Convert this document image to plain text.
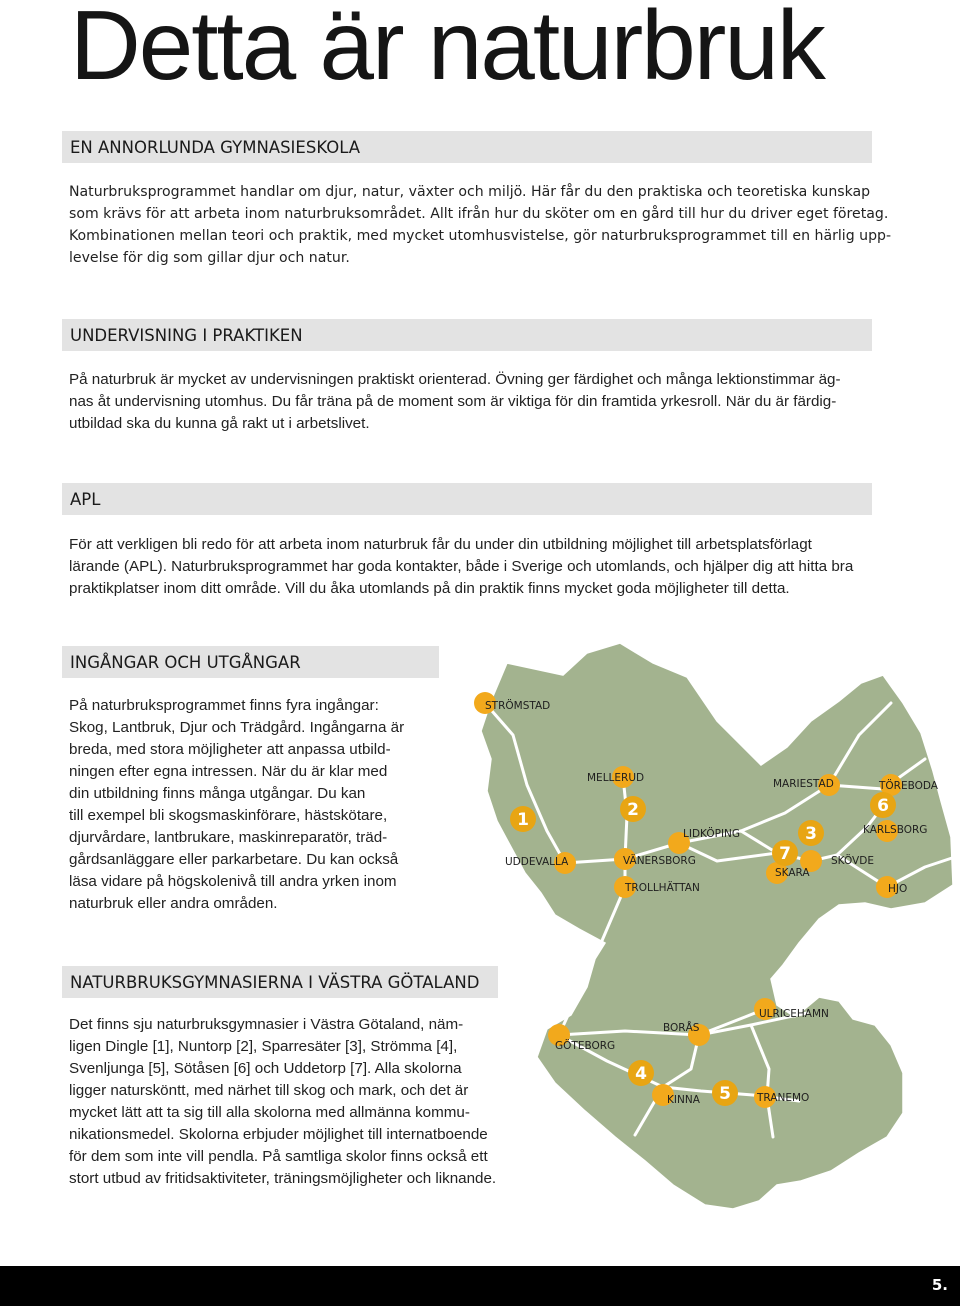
Detta är naturbruk
EN ANNORLUNDA GYMNASIESKOLA

Naturbruksprogrammet handlar om djur, natur, växter och miljö. Här får du den praktiska och teoretiska kunskap
som krävs för att arbeta inom naturbruksområdet. Allt ifrån hur du sköter om en gård till hur du driver eget företag.
Kombinationen mellan teori och praktik, med mycket utomhusvistelse, gör naturbruksprogrammet till en härlig upp-
levelse för dig som gillar djur och natur.

UNDERVISNING I PRAKTIKEN

På naturbruk är mycket av undervisningen praktiskt orienterad. Övning ger färdighet och många lektionstimmar äg-
nas åt undervisning utomhus. Du får träna på de moment som är viktiga för din framtida yrkesroll. När du är färdig-
utbildad ska du kunna gå rakt ut i arbetslivet.

APL

För att verkligen bli redo för att arbeta inom naturbruk får du under din utbildning möjlighet till arbetsplatsförlagt
lärande (APL). Naturbruksprogrammet har goda kontakter, både i Sverige och utomlands, och hjälper dig att hitta bra
praktikplatser inom ditt område. Vill du åka utomlands på din praktik finns mycket goda möjligheter till detta.

INGÅNGAR OCH UTGÅNGAR

På naturbruksprogrammet finns fyra ingångar:
Skog, Lantbruk, Djur och Trädgård. Ingångarna är
breda, med stora möjligheter att anpassa utbild-
ningen efter egna intressen. När du är klar med
din utbildning finns många utgångar. Du kan
till exempel bli skogsmaskinförare, hästskötare,
djurvårdare, lantbrukare, maskinreparatör, träd-
gårdsanläggare eller parkarbetare. Du kan också
läsa vidare på högskolenivå till andra yrken inom
naturbruk eller andra områden.

NATURBRUKSGYMNASIERNA I VÄSTRA GÖTALAND

Det finns sju naturbruksgymnasier i Västra Götaland, näm-
ligen Dingle [1], Nuntorp [2], Sparresäter [3], Strömma [4],
Svenljunga [5], Sötåsen [6] och Uddetorp [7]. Alla skolorna
ligger natursköntt, med närhet till skog och mark, och det är
mycket lätt att ta sig till alla skolorna med allmänna kommu-
nikationsmedel. Skolorna erbjuder möjlighet till internatboende
för dem som inte vill pendla. På samtliga skolor finns också ett
stort utbud av fritidsaktiviteter, träningsmöjligheter och liknande.

STRÖMSTAD
MELLERUD
UDDEVALLA	VÄNERSBORG
TROLLHÄTTAN
LIDKÖPING
MARIESTAD	TÖREBODA
KARLSBORG
SKÖVDE
SKARA
HJO
GÖTEBORG
BORÅS
ULRICEHAMN
KINNA	TRANEMO
1	2
3
4
5
6
7
5.
